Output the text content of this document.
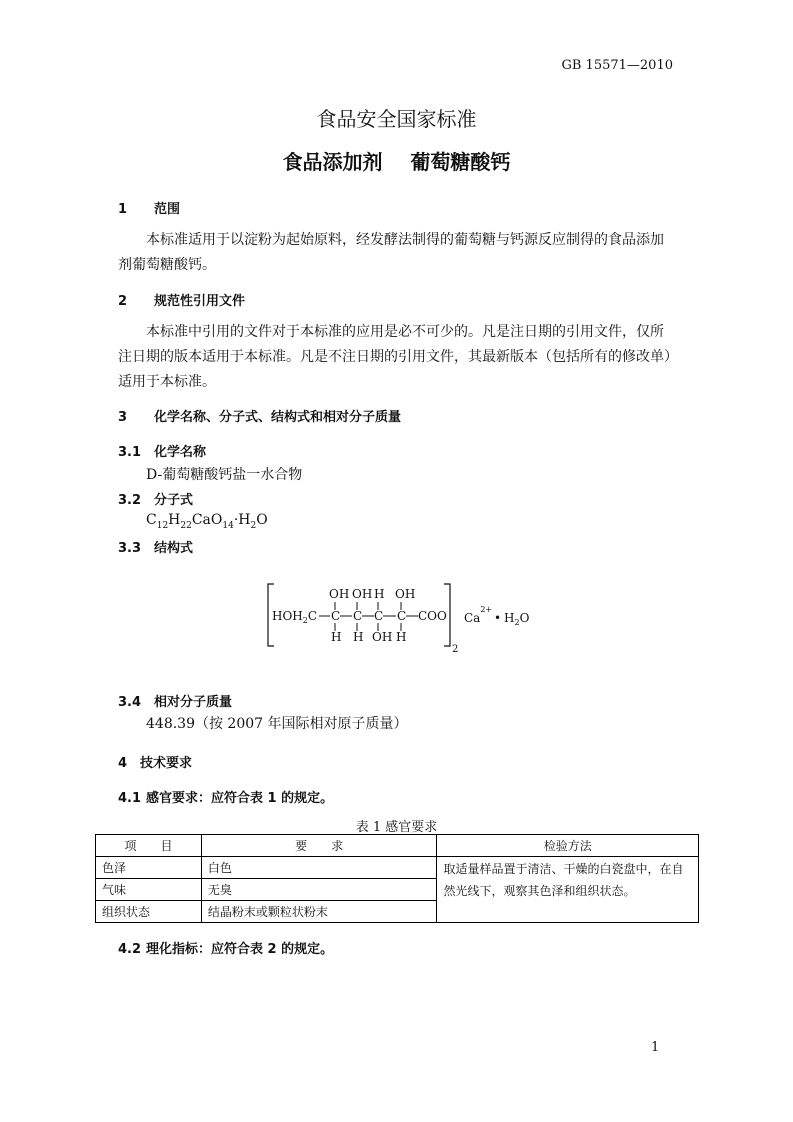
GB 15571—2010
食品安全国家标准
食品添加剂    葡萄糖酸钙
1 范围
本标准适用于以淀粉为起始原料，经发酵法制得的葡萄糖与钙源反应制得的食品添加剂葡萄糖酸钙。
2 规范性引用文件
本标准中引用的文件对于本标准的应用是必不可少的。凡是注日期的引用文件，仅所注日期的版本适用于本标准。凡是不注日期的引用文件，其最新版本（包括所有的修改单）适用于本标准。
3 化学名称、分子式、结构式和相对分子质量
3.1 化学名称
D-葡萄糖酸钙盐一水合物
3.2 分子式
$C_{12}H_{22}CaO_{14}\cdot H_2O$
3.3 结构式
OH OH H OH
$HOH_2C$ C C C C COO
H H OH H
2
$Ca^{2+}$
• $H_2O$
3.4 相对分子质量
448.39（按 2007 年国际相对原子质量）
4 技术要求
4.1 感官要求：应符合表 1 的规定。
表 1 感官要求
项　　目	要　　求	检验方法
色泽	白色	取适量样品置于清洁、干燥的白瓷盘中，在自然光线下，观察其色泽和组织状态。
气味	无臭	
组织状态	结晶粉末或颗粒状粉末	
4.2 理化指标：应符合表 2 的规定。
1
